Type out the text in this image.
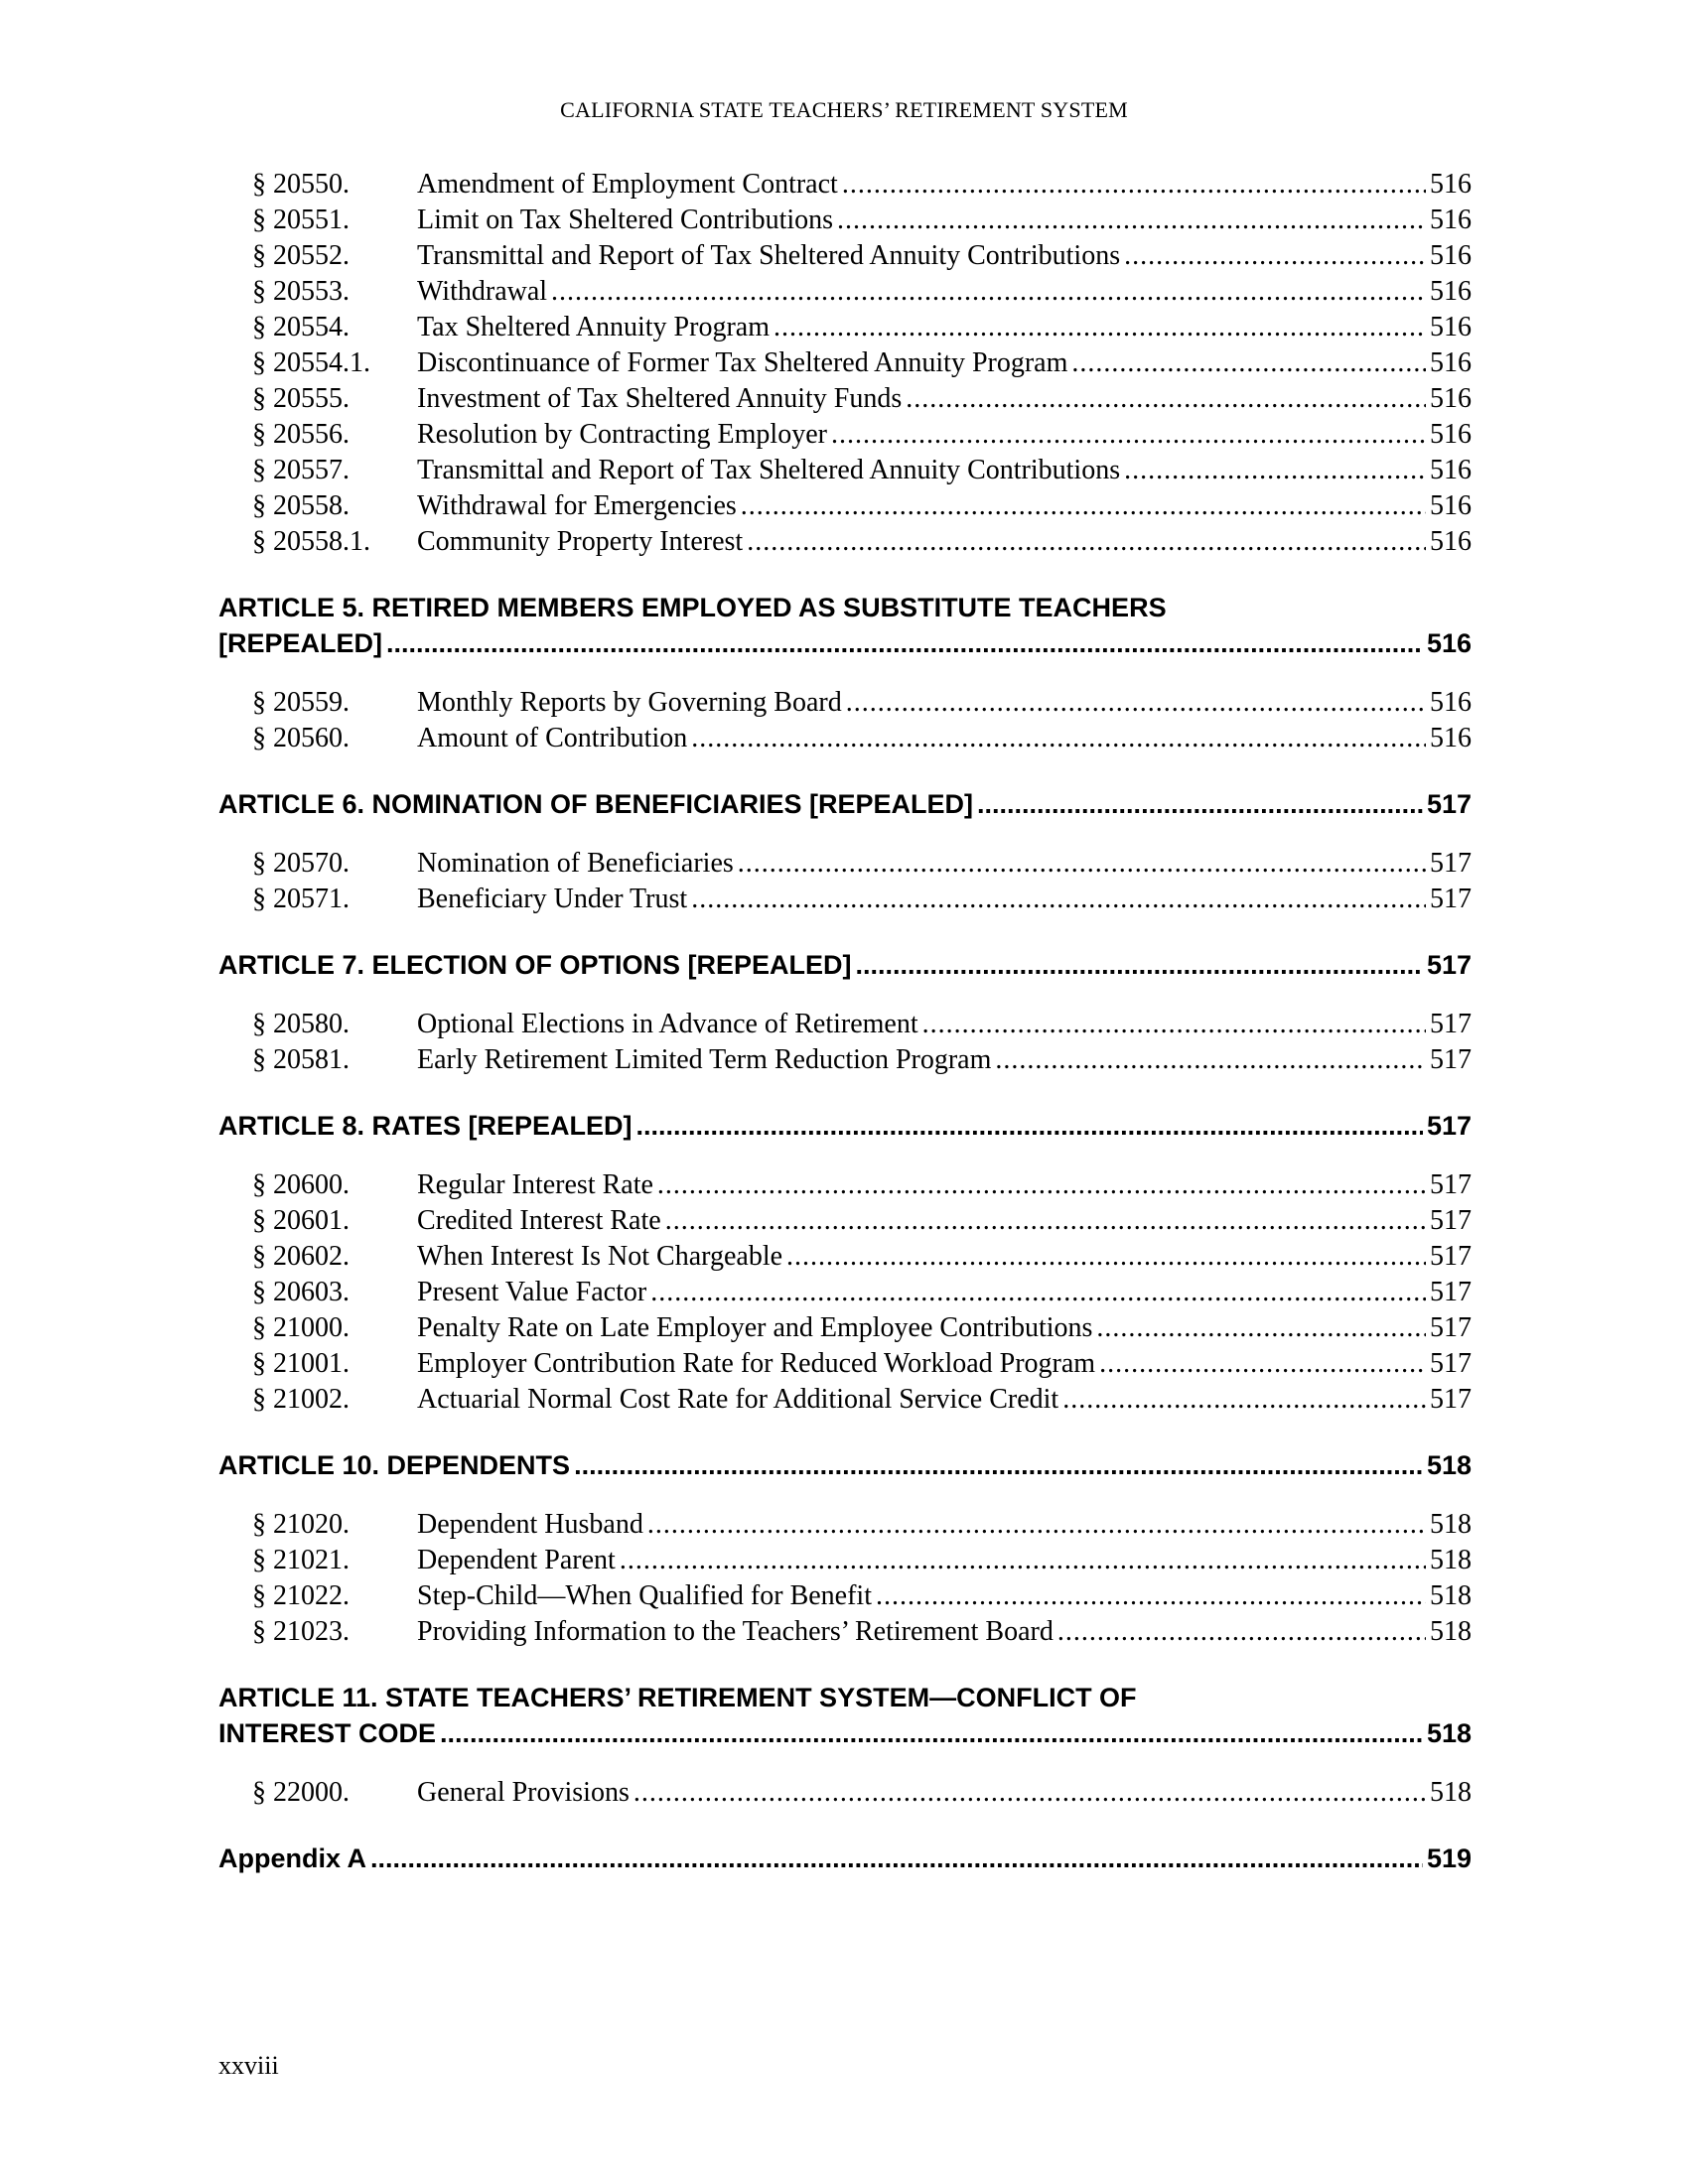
CALIFORNIA STATE TEACHERS’ RETIREMENT SYSTEM
§ 20550.	Amendment of Employment Contract .....	516
§ 20551.	Limit on Tax Sheltered Contributions .....	516
§ 20552.	Transmittal and Report of Tax Sheltered Annuity Contributions .....	516
§ 20553.	Withdrawal .....	516
§ 20554.	Tax Sheltered Annuity Program .....	516
§ 20554.1.	Discontinuance of Former Tax Sheltered Annuity Program .....	516
§ 20555.	Investment of Tax Sheltered Annuity Funds .....	516
§ 20556.	Resolution by Contracting Employer .....	516
§ 20557.	Transmittal and Report of Tax Sheltered Annuity Contributions .....	516
§ 20558.	Withdrawal for Emergencies .....	516
§ 20558.1.	Community Property Interest .....	516
ARTICLE 5. RETIRED MEMBERS EMPLOYED AS SUBSTITUTE TEACHERS
[REPEALED] .....	516
§ 20559.	Monthly Reports by Governing Board .....	516
§ 20560.	Amount of Contribution .....	516
ARTICLE 6. NOMINATION OF BENEFICIARIES [REPEALED] .....	517
§ 20570.	Nomination of Beneficiaries .....	517
§ 20571.	Beneficiary Under Trust .....	517
ARTICLE 7. ELECTION OF OPTIONS [REPEALED] .....	517
§ 20580.	Optional Elections in Advance of Retirement .....	517
§ 20581.	Early Retirement Limited Term Reduction Program .....	517
ARTICLE 8. RATES [REPEALED] .....	517
§ 20600.	Regular Interest Rate .....	517
§ 20601.	Credited Interest Rate .....	517
§ 20602.	When Interest Is Not Chargeable .....	517
§ 20603.	Present Value Factor .....	517
§ 21000.	Penalty Rate on Late Employer and Employee Contributions .....	517
§ 21001.	Employer Contribution Rate for Reduced Workload Program .....	517
§ 21002.	Actuarial Normal Cost Rate for Additional Service Credit .....	517
ARTICLE 10. DEPENDENTS .....	518
§ 21020.	Dependent Husband .....	518
§ 21021.	Dependent Parent .....	518
§ 21022.	Step-Child—When Qualified for Benefit .....	518
§ 21023.	Providing Information to the Teachers’ Retirement Board .....	518
ARTICLE 11. STATE TEACHERS’ RETIREMENT SYSTEM—CONFLICT OF
INTEREST CODE .....	518
§ 22000.	General Provisions .....	518
Appendix A .....	519
xxviii
